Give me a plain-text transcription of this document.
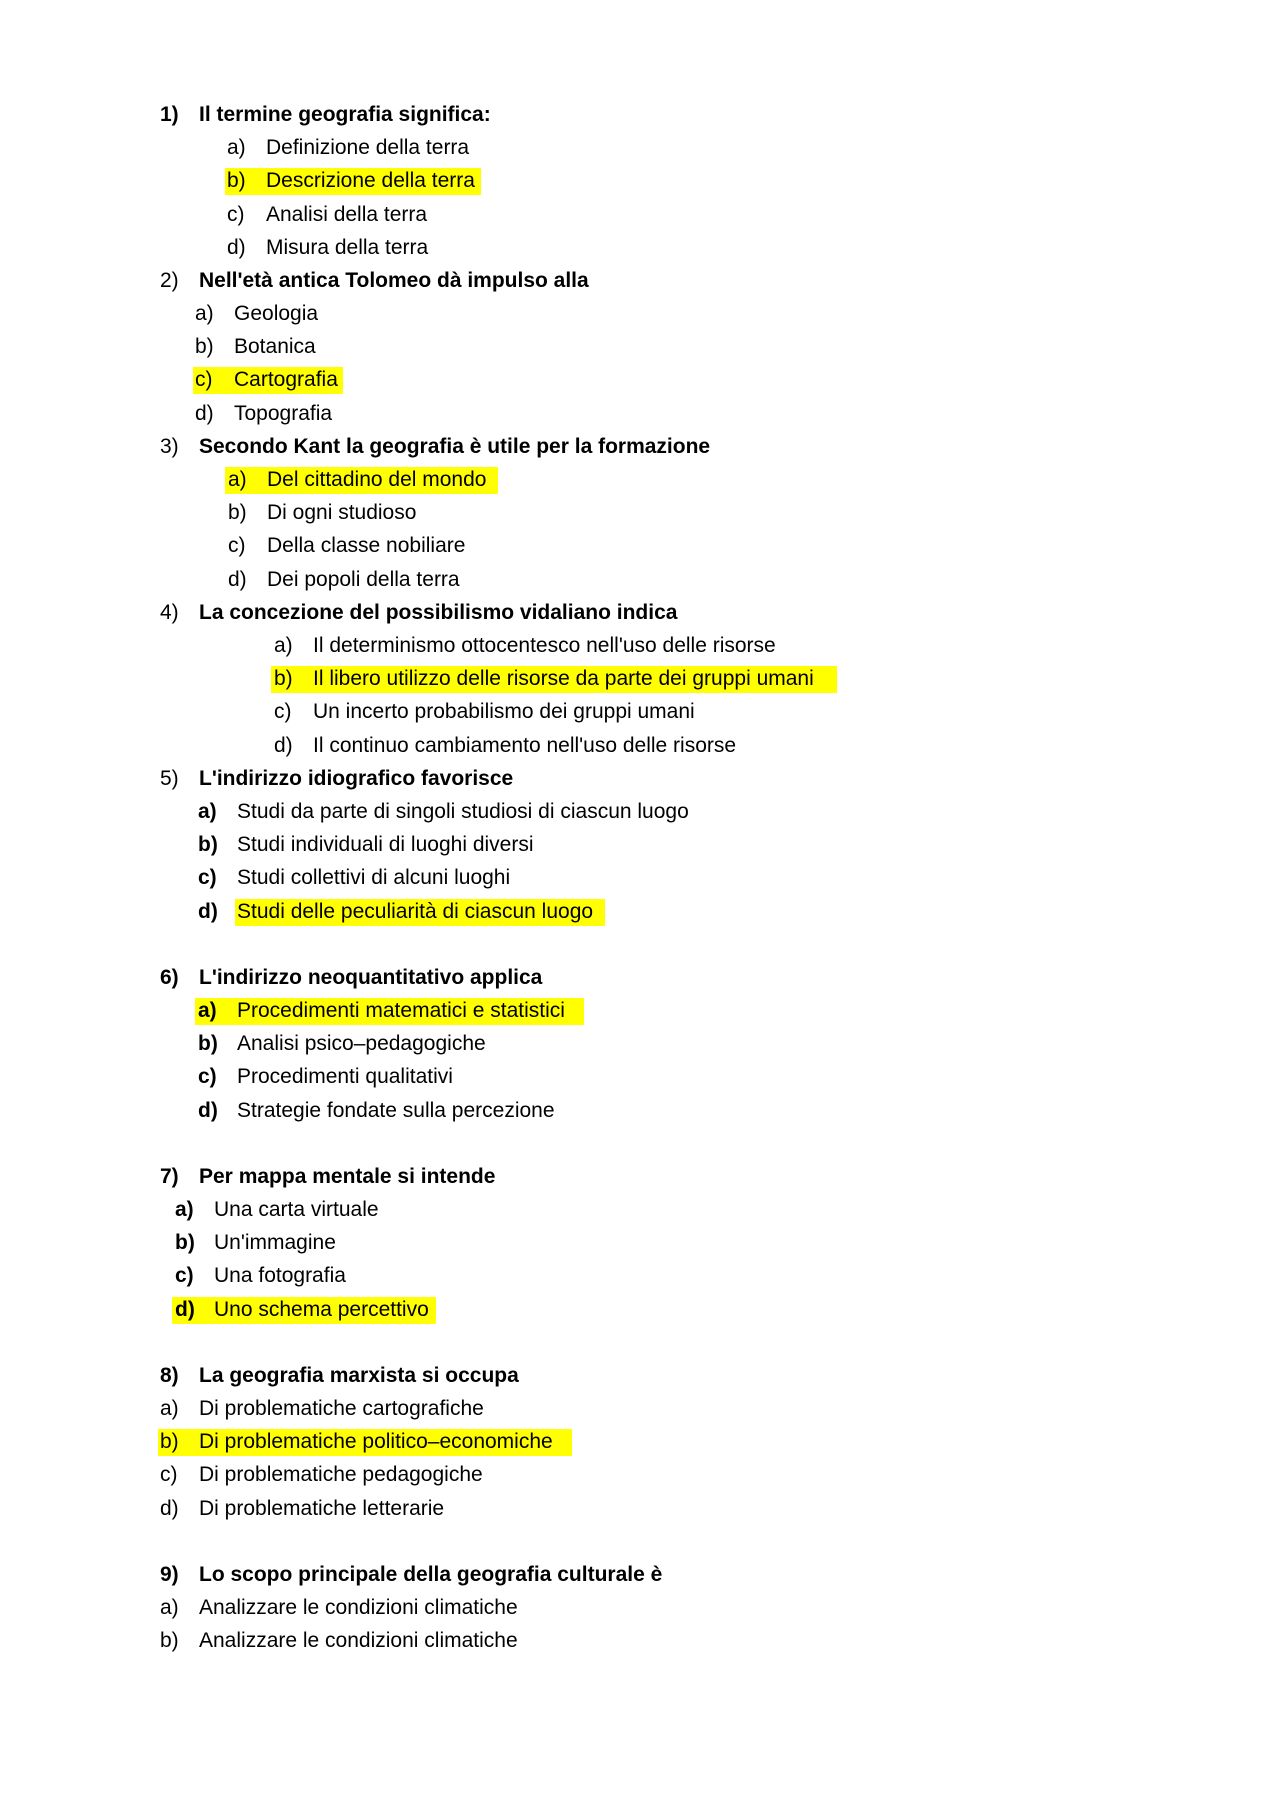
1) Il termine geografia significa:
a) Definizione della terra
b) Descrizione della terra
c) Analisi della terra
d) Misura della terra
2) Nell'età antica Tolomeo dà impulso alla
a) Geologia
b) Botanica
c) Cartografia
d) Topografia
3) Secondo Kant la geografia è utile per la formazione
a) Del cittadino del mondo
b) Di ogni studioso
c) Della classe nobiliare
d) Dei popoli della terra
4) La concezione del possibilismo vidaliano indica
a) Il determinismo ottocentesco nell'uso delle risorse
b) Il libero utilizzo delle risorse da parte dei gruppi umani
c) Un incerto probabilismo dei gruppi umani
d) Il continuo cambiamento nell'uso delle risorse
5) L'indirizzo idiografico favorisce
a) Studi da parte di singoli studiosi di ciascun luogo
b) Studi individuali di luoghi diversi
c) Studi collettivi di alcuni luoghi
d) Studi delle peculiarità di ciascun luogo
6) L'indirizzo neoquantitativo applica
a) Procedimenti matematici e statistici
b) Analisi psico–pedagogiche
c) Procedimenti qualitativi
d) Strategie fondate sulla percezione
7) Per mappa mentale si intende
a) Una carta virtuale
b) Un'immagine
c) Una fotografia
d) Uno schema percettivo
8) La geografia marxista si occupa
a) Di problematiche cartografiche
b) Di problematiche politico–economiche
c) Di problematiche pedagogiche
d) Di problematiche letterarie
9) Lo scopo principale della geografia culturale è
a) Analizzare le condizioni climatiche
b) Analizzare le condizioni climatiche
